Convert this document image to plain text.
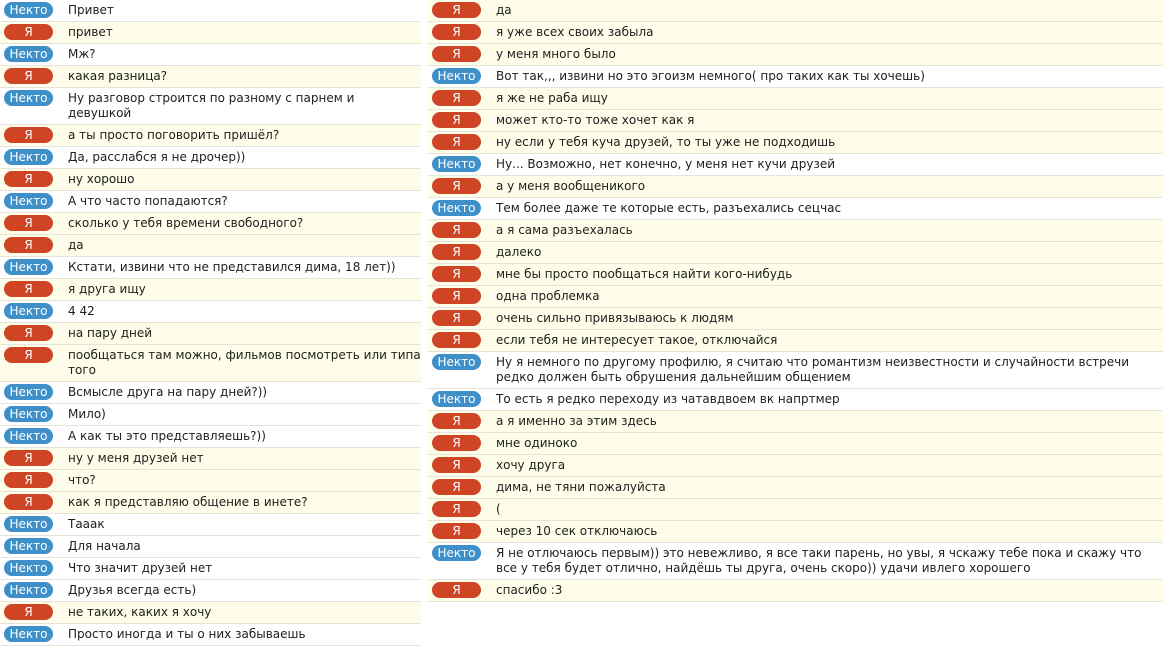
Некто	Привет
Я	привет
Некто	Мж?
Я	какая разница?
Некто	Ну разговор строится по разному с парнем и девушкой
Я	а ты просто поговорить пришёл?
Некто	Да, расслабся я не дрочер))
Я	ну хорошо
Некто	А что часто попадаются?
Я	сколько у тебя времени свободного?
Я	да
Некто	Кстати, извини что не представился дима, 18 лет))
Я	я друга ищу
Некто	4 42
Я	на пару дней
Я	пообщаться там можно, фильмов посмотреть или типа того
Некто	Всмысле друга на пару дней?))
Некто	Мило)
Некто	А как ты это представляешь?))
Я	ну у меня друзей нет
Я	что?
Я	как я представляю общение в инете?
Некто	Тааак
Некто	Для начала
Некто	Что значит друзей нет
Некто	Друзья всегда есть)
Я	не таких, каких я хочу
Некто	Просто иногда и ты о них забываешь
Я	да
Я	я уже всех своих забыла
Я	у меня много было
Некто	Вот так,,, извини но это эгоизм немного( про таких как ты хочешь)
Я	я же не раба ищу
Я	может кто-то тоже хочет как я
Я	ну если у тебя куча друзей, то ты уже не подходишь
Некто	Ну... Возможно, нет конечно, у меня нет кучи друзей
Я	а у меня вообщеникого
Некто	Тем более даже те которые есть, разъехались сецчас
Я	а я сама разъехалась
Я	далеко
Я	мне бы просто пообщаться найти кого-нибудь
Я	одна проблемка
Я	очень сильно привязываюсь к людям
Я	если тебя не интересует такое, отключайся
Некто	Ну я немного по другому профилю, я считаю что романтизм неизвестности и случайности встречи редко должен быть обрушения дальнейшим общением
Некто	То есть я редко переходу из чатавдвоем вк напртмер
Я	а я именно за этим здесь
Я	мне одиноко
Я	хочу друга
Я	дима, не тяни пожалуйста
Я	(
Я	через 10 сек отключаюсь
Некто	Я не отлючаюсь первым)) это невежливо, я все таки парень, но увы, я чскажу тебе пока и скажу что все у тебя будет отлично, найдёшь ты друга, очень скоро)) удачи ивлего хорошего
Я	спасибо :3
